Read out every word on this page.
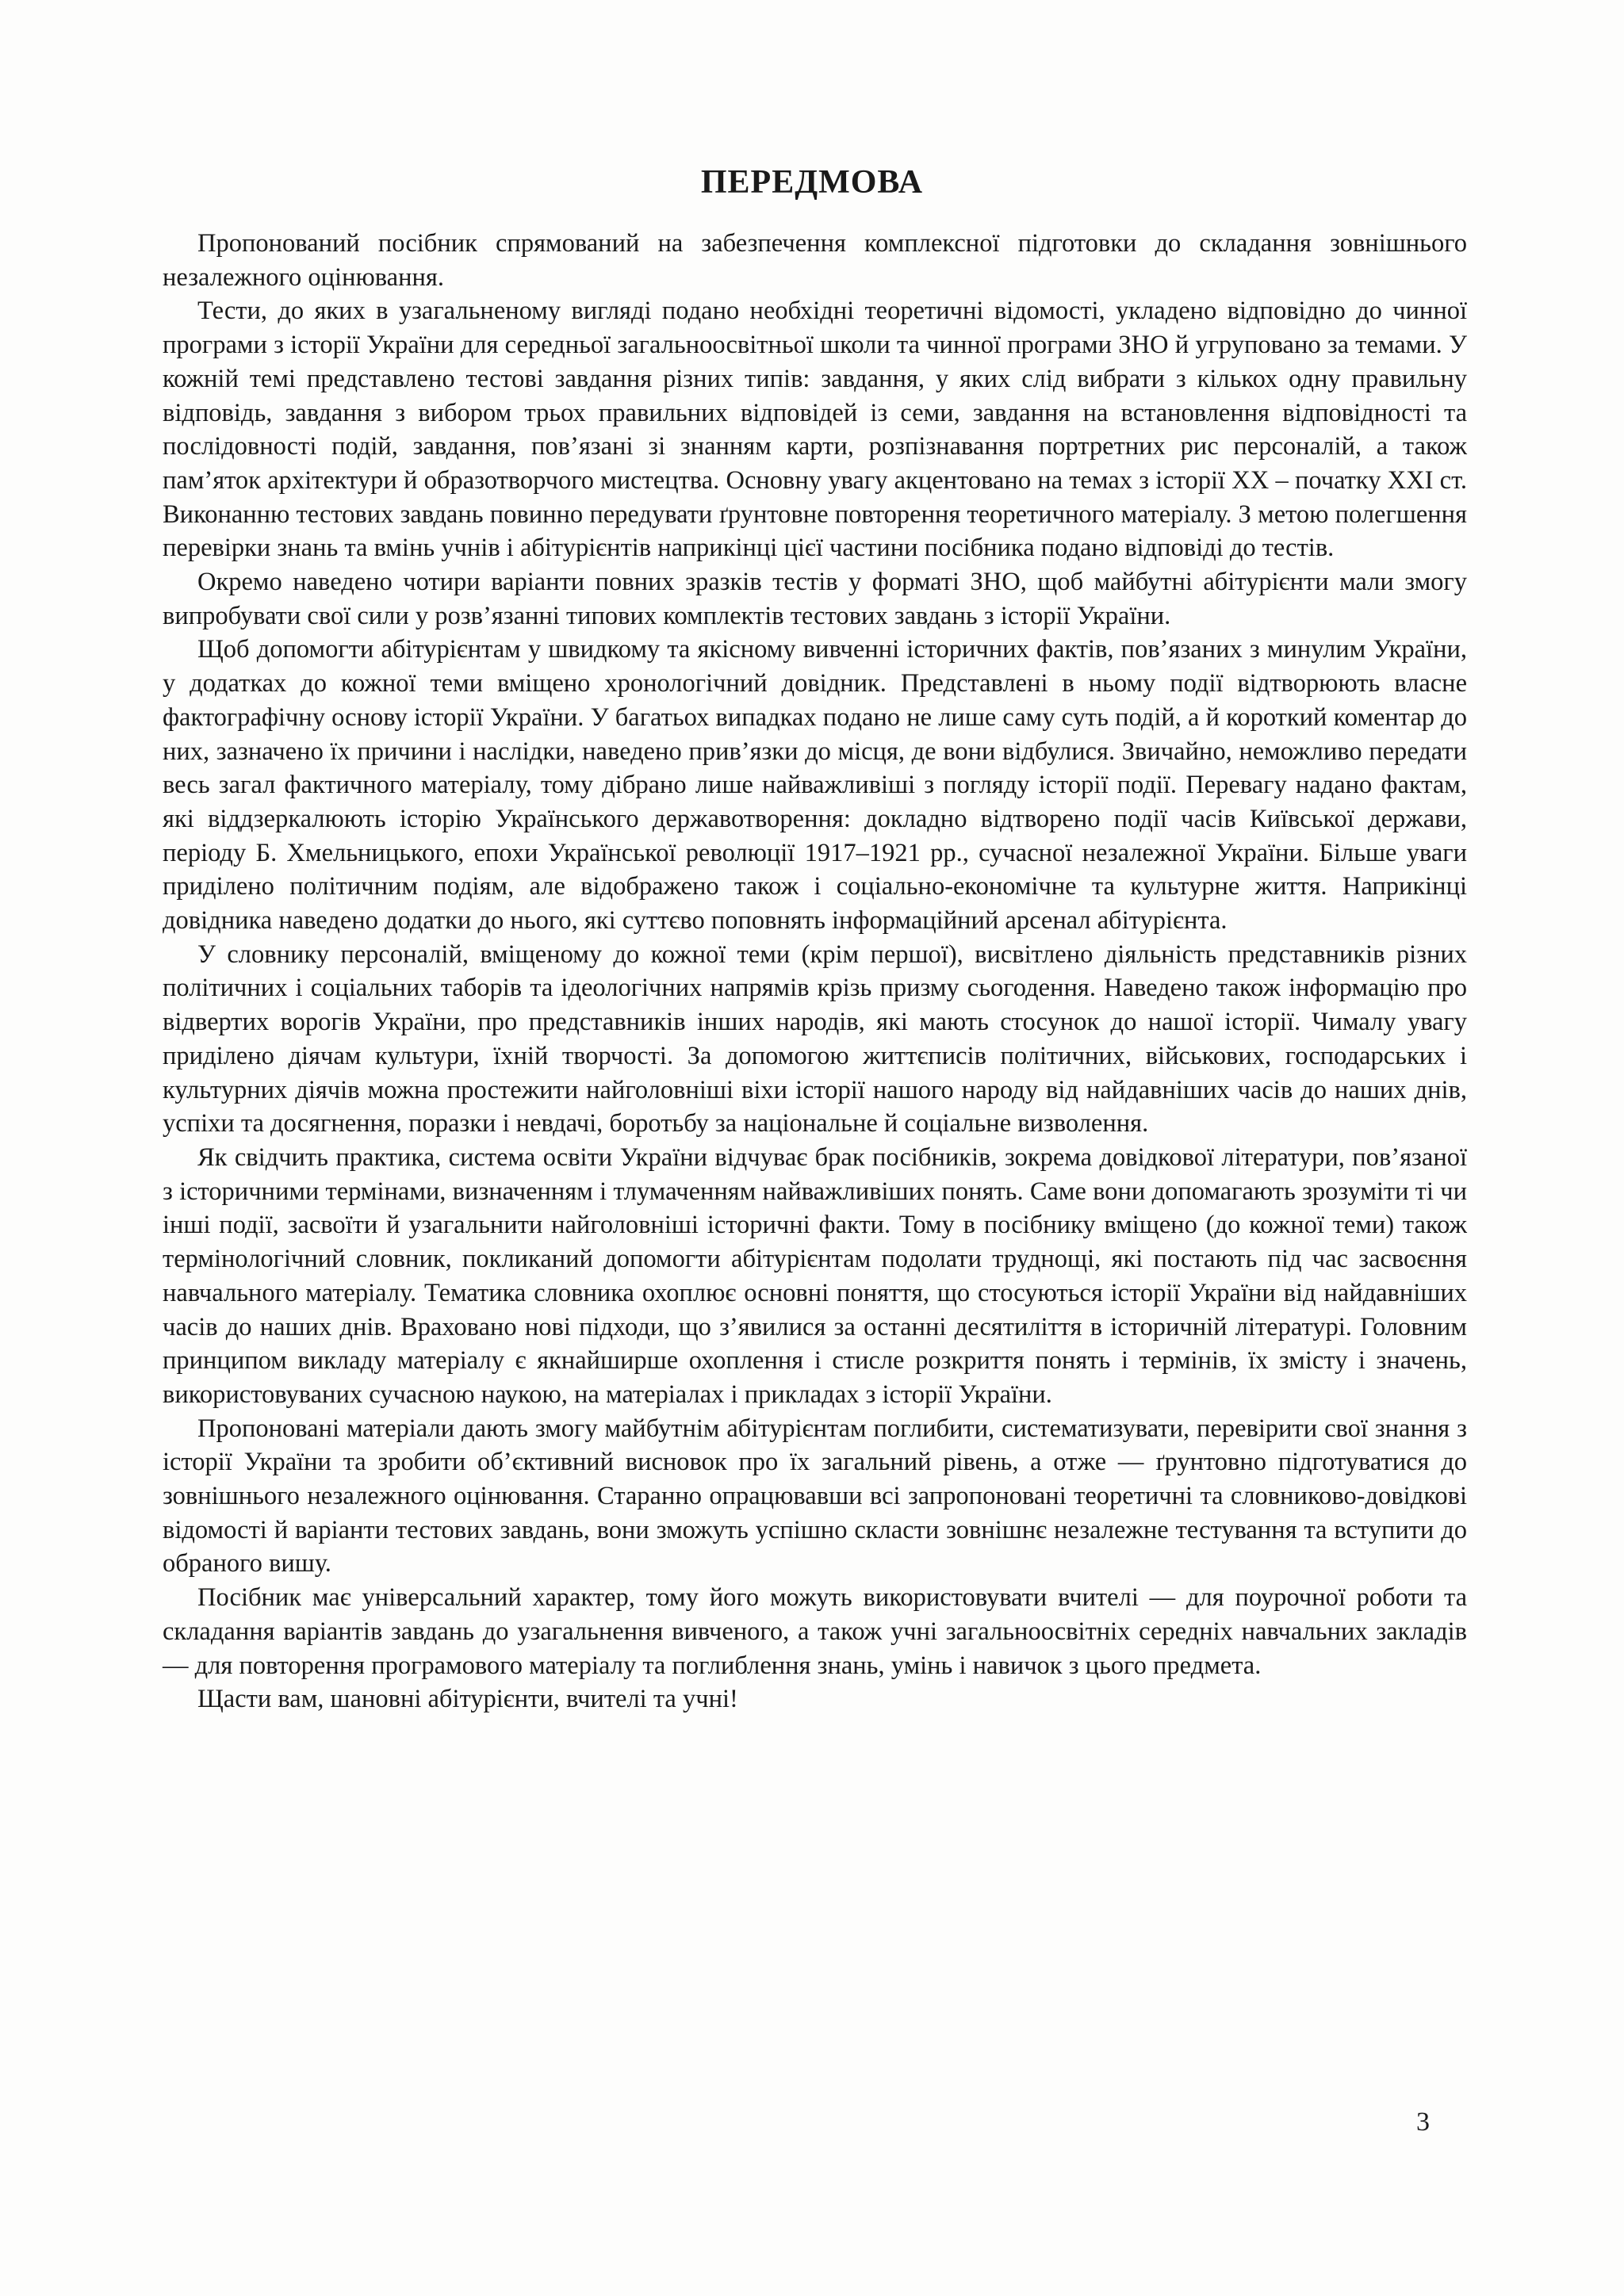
ПЕРЕДМОВА

Пропонований посібник спрямований на забезпечення комплексної підготовки до складання зовнішнього незалежного оцінювання.

Тести, до яких в узагальненому вигляді подано необхідні теоретичні відомості, укладено відповідно до чинної програми з історії України для середньої загальноосвітньої школи та чинної програми ЗНО й угруповано за темами. У кожній темі представлено тестові завдання різних типів: завдання, у яких слід вибрати з кількох одну правильну відповідь, завдання з вибором трьох правильних відповідей із семи, завдання на встановлення відповідності та послідовності подій, завдання, пов’язані зі знанням карти, розпізнавання портретних рис персоналій, а також пам’яток архітектури й образотворчого мистецтва. Основну увагу акцентовано на темах з історії XX – початку XXI ст. Виконанню тестових завдань повинно передувати ґрунтовне повторення теоретичного матеріалу. З метою полегшення перевірки знань та вмінь учнів і абітурієнтів наприкінці цієї частини посібника подано відповіді до тестів.

Окремо наведено чотири варіанти повних зразків тестів у форматі ЗНО, щоб майбутні абітурієнти мали змогу випробувати свої сили у розв’язанні типових комплектів тестових завдань з історії України.

Щоб допомогти абітурієнтам у швидкому та якісному вивченні історичних фактів, пов’язаних з минулим України, у додатках до кожної теми вміщено хронологічний довідник. Представлені в ньому події відтворюють власне фактографічну основу історії України. У багатьох випадках подано не лише саму суть подій, а й короткий коментар до них, зазначено їх причини і наслідки, наведено прив’язки до місця, де вони відбулися. Звичайно, неможливо передати весь загал фактичного матеріалу, тому дібрано лише найважливіші з погляду історії події. Перевагу надано фактам, які віддзеркалюють історію Українського державотворення: докладно відтворено події часів Київської держави, періоду Б. Хмельницького, епохи Української революції 1917–1921 рр., сучасної незалежної України. Більше уваги приділено політичним подіям, але відображено також і соціально-економічне та культурне життя. Наприкінці довідника наведено додатки до нього, які суттєво поповнять інформаційний арсенал абітурієнта.

У словнику персоналій, вміщеному до кожної теми (крім першої), висвітлено діяльність представників різних політичних і соціальних таборів та ідеологічних напрямів крізь призму сьогодення. Наведено також інформацію про відвертих ворогів України, про представників інших народів, які мають стосунок до нашої історії. Чималу увагу приділено діячам культури, їхній творчості. За допомогою життєписів політичних, військових, господарських і культурних діячів можна простежити найголовніші віхи історії нашого народу від найдавніших часів до наших днів, успіхи та досягнення, поразки і невдачі, боротьбу за національне й соціальне визволення.

Як свідчить практика, система освіти України відчуває брак посібників, зокрема довідкової літератури, пов’язаної з історичними термінами, визначенням і тлумаченням найважливіших понять. Саме вони допомагають зрозуміти ті чи інші події, засвоїти й узагальнити найголовніші історичні факти. Тому в посібнику вміщено (до кожної теми) також термінологічний словник, покликаний допомогти абітурієнтам подолати труднощі, які постають під час засвоєння навчального матеріалу. Тематика словника охоплює основні поняття, що стосуються історії України від найдавніших часів до наших днів. Враховано нові підходи, що з’явилися за останні десятиліття в історичній літературі. Головним принципом викладу матеріалу є якнайширше охоплення і стисле розкриття понять і термінів, їх змісту і значень, використовуваних сучасною наукою, на матеріалах і прикладах з історії України.

Пропоновані матеріали дають змогу майбутнім абітурієнтам поглибити, систематизувати, перевірити свої знання з історії України та зробити об’єктивний висновок про їх загальний рівень, а отже — ґрунтовно підготуватися до зовнішнього незалежного оцінювання. Старанно опрацювавши всі запропоновані теоретичні та словниково-довідкові відомості й варіанти тестових завдань, вони зможуть успішно скласти зовнішнє незалежне тестування та вступити до обраного вишу.

Посібник має універсальний характер, тому його можуть використовувати вчителі — для поурочної роботи та складання варіантів завдань до узагальнення вивченого, а також учні загальноосвітніх середніх навчальних закладів — для повторення програмового матеріалу та поглиблення знань, умінь і навичок з цього предмета.

Щасти вам, шановні абітурієнти, вчителі та учні!

3
